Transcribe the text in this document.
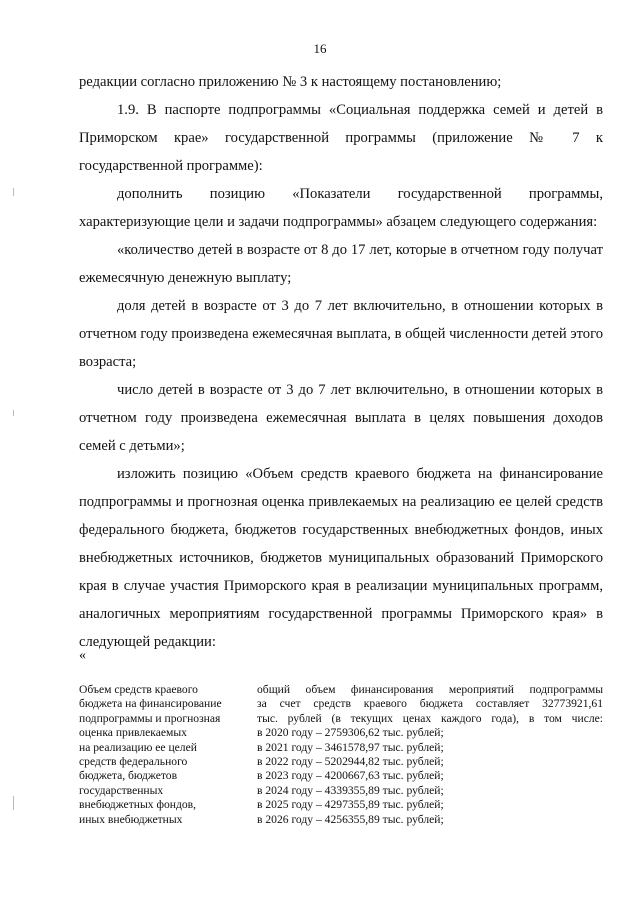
16

редакции согласно приложению № 3 к настоящему постановлению;

1.9. В паспорте подпрограммы «Социальная поддержка семей и детей в Приморском крае» государственной программы (приложение № 7 к государственной программе):

дополнить позицию «Показатели государственной программы, характеризующие цели и задачи подпрограммы» абзацем следующего содержания:

«количество детей в возрасте от 8 до 17 лет, которые в отчетном году получат ежемесячную денежную выплату;

доля детей в возрасте от 3 до 7 лет включительно, в отношении которых в отчетном году произведена ежемесячная выплата, в общей численности детей этого возраста;

число детей в возрасте от 3 до 7 лет включительно, в отношении которых в отчетном году произведена ежемесячная выплата в целях повышения доходов семей с детьми»;

изложить позицию «Объем средств краевого бюджета на финансирование подпрограммы и прогнозная оценка привлекаемых на реализацию ее целей средств федерального бюджета, бюджетов государственных внебюджетных фондов, иных внебюджетных источников, бюджетов муниципальных образований Приморского края в случае участия Приморского края в реализации муниципальных программ, аналогичных мероприятиям государственной программы Приморского края» в следующей редакции:

«
Объем средств краевого
бюджета на финансирование
подпрограммы и прогнозная
оценка привлекаемых
на реализацию ее целей
средств федерального
бюджета, бюджетов
государственных
внебюджетных фондов,
иных внебюджетных
общий объем финансирования мероприятий подпрограммы
за счет средств краевого бюджета составляет 32773921,61
тыс. рублей (в текущих ценах каждого года), в том числе:
в 2020 году – 2759306,62 тыс. рублей;
в 2021 году – 3461578,97 тыс. рублей;
в 2022 году – 5202944,82 тыс. рублей;
в 2023 году – 4200667,63 тыс. рублей;
в 2024 году – 4339355,89 тыс. рублей;
в 2025 году – 4297355,89 тыс. рублей;
в 2026 году – 4256355,89 тыс. рублей;
